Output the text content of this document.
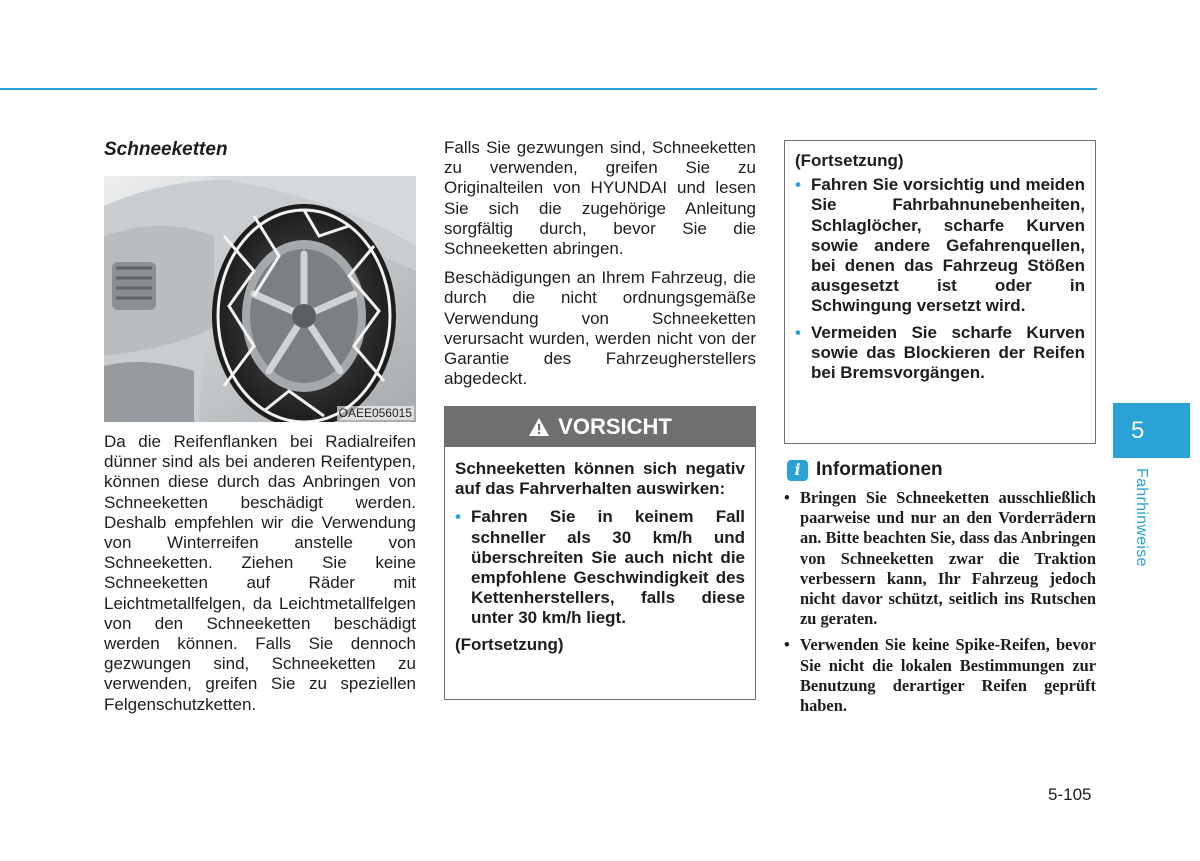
Schneeketten
OAEE056015

Da die Reifenflanken bei Radialreifen dünner sind als bei anderen Reifentypen, können diese durch das Anbringen von Schneeketten beschädigt werden. Deshalb empfehlen wir die Verwendung von Winterreifen anstelle von Schneeketten. Ziehen Sie keine Schneeketten auf Räder mit Leichtmetallfelgen, da Leichtmetallfelgen von den Schneeketten beschädigt werden können. Falls Sie dennoch gezwungen sind, Schneeketten zu verwenden, greifen Sie zu speziellen Felgenschutzketten.

Falls Sie gezwungen sind, Schneeketten zu verwenden, greifen Sie zu Originalteilen von HYUNDAI und lesen Sie sich die zugehörige Anleitung sorgfältig durch, bevor Sie die Schneeketten abringen.

Beschädigungen an Ihrem Fahrzeug, die durch die nicht ordnungsgemäße Verwendung von Schneeketten verursacht wurden, werden nicht von der Garantie des Fahrzeugherstellers abgedeckt.

VORSICHT

Schneeketten können sich negativ auf das Fahrverhalten auswirken:

• Fahren Sie in keinem Fall schneller als 30 km/h und überschreiten Sie auch nicht die empfohlene Geschwindigkeit des Kettenherstellers, falls diese unter 30 km/h liegt.

(Fortsetzung)

(Fortsetzung)

• Fahren Sie vorsichtig und meiden Sie Fahrbahnunebenheiten, Schlaglöcher, scharfe Kurven sowie andere Gefahrenquellen, bei denen das Fahrzeug Stößen ausgesetzt ist oder in Schwingung versetzt wird.
• Vermeiden Sie scharfe Kurven sowie das Blockieren der Reifen bei Bremsvorgängen.
i Informationen
• Bringen Sie Schneeketten ausschließlich paarweise und nur an den Vorderrädern an. Bitte beachten Sie, dass das Anbringen von Schneeketten zwar die Traktion verbessern kann, Ihr Fahrzeug jedoch nicht davor schützt, seitlich ins Rutschen zu geraten.
• Verwenden Sie keine Spike-Reifen, bevor Sie nicht die lokalen Bestimmungen zur Benutzung derartiger Reifen geprüft haben.
5
Fahrhinweise
5-105
